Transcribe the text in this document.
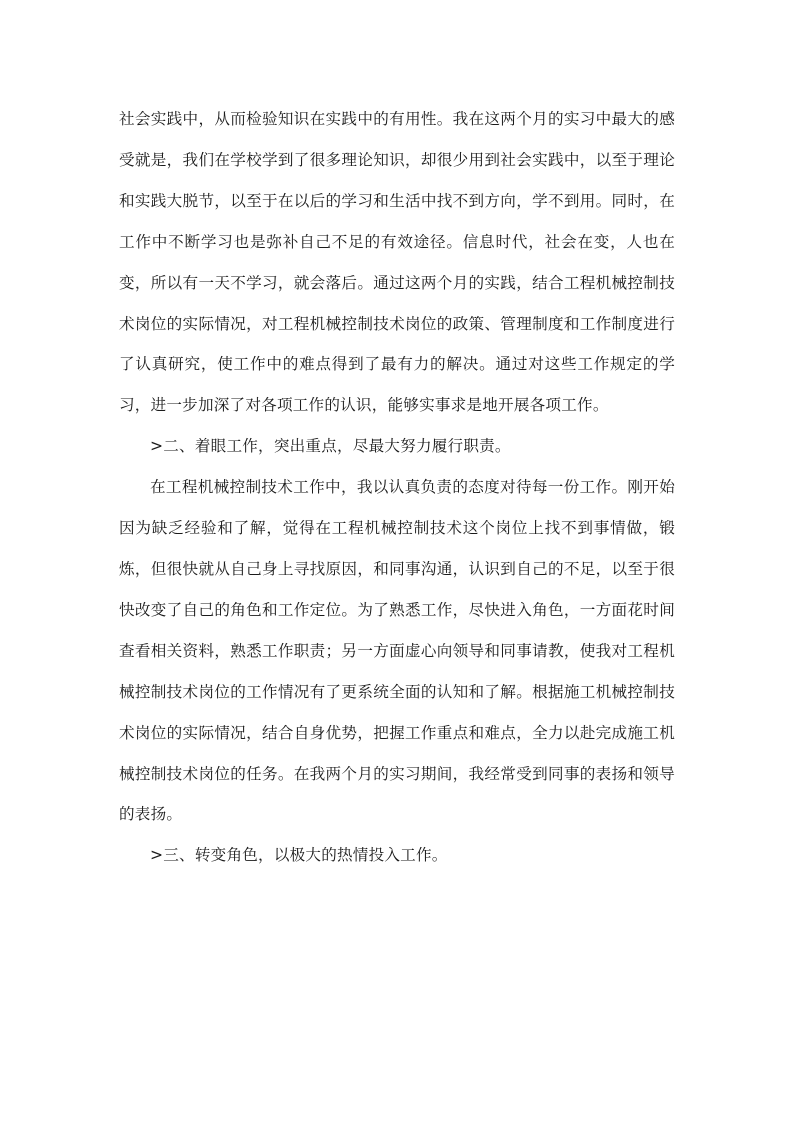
社会实践中，从而检验知识在实践中的有用性。我在这两个月的实习中最大的感受就是，我们在学校学到了很多理论知识，却很少用到社会实践中，以至于理论和实践大脱节，以至于在以后的学习和生活中找不到方向，学不到用。同时，在工作中不断学习也是弥补自己不足的有效途径。信息时代，社会在变，人也在变，所以有一天不学习，就会落后。通过这两个月的实践，结合工程机械控制技术岗位的实际情况，对工程机械控制技术岗位的政策、管理制度和工作制度进行了认真研究，使工作中的难点得到了最有力的解决。通过对这些工作规定的学习，进一步加深了对各项工作的认识，能够实事求是地开展各项工作。

>二、着眼工作，突出重点，尽最大努力履行职责。

在工程机械控制技术工作中，我以认真负责的态度对待每一份工作。刚开始因为缺乏经验和了解，觉得在工程机械控制技术这个岗位上找不到事情做，锻炼，但很快就从自己身上寻找原因，和同事沟通，认识到自己的不足，以至于很快改变了自己的角色和工作定位。为了熟悉工作，尽快进入角色，一方面花时间查看相关资料，熟悉工作职责；另一方面虚心向领导和同事请教，使我对工程机械控制技术岗位的工作情况有了更系统全面的认知和了解。根据施工机械控制技术岗位的实际情况，结合自身优势，把握工作重点和难点，全力以赴完成施工机械控制技术岗位的任务。在我两个月的实习期间，我经常受到同事的表扬和领导的表扬。

>三、转变角色，以极大的热情投入工作。
